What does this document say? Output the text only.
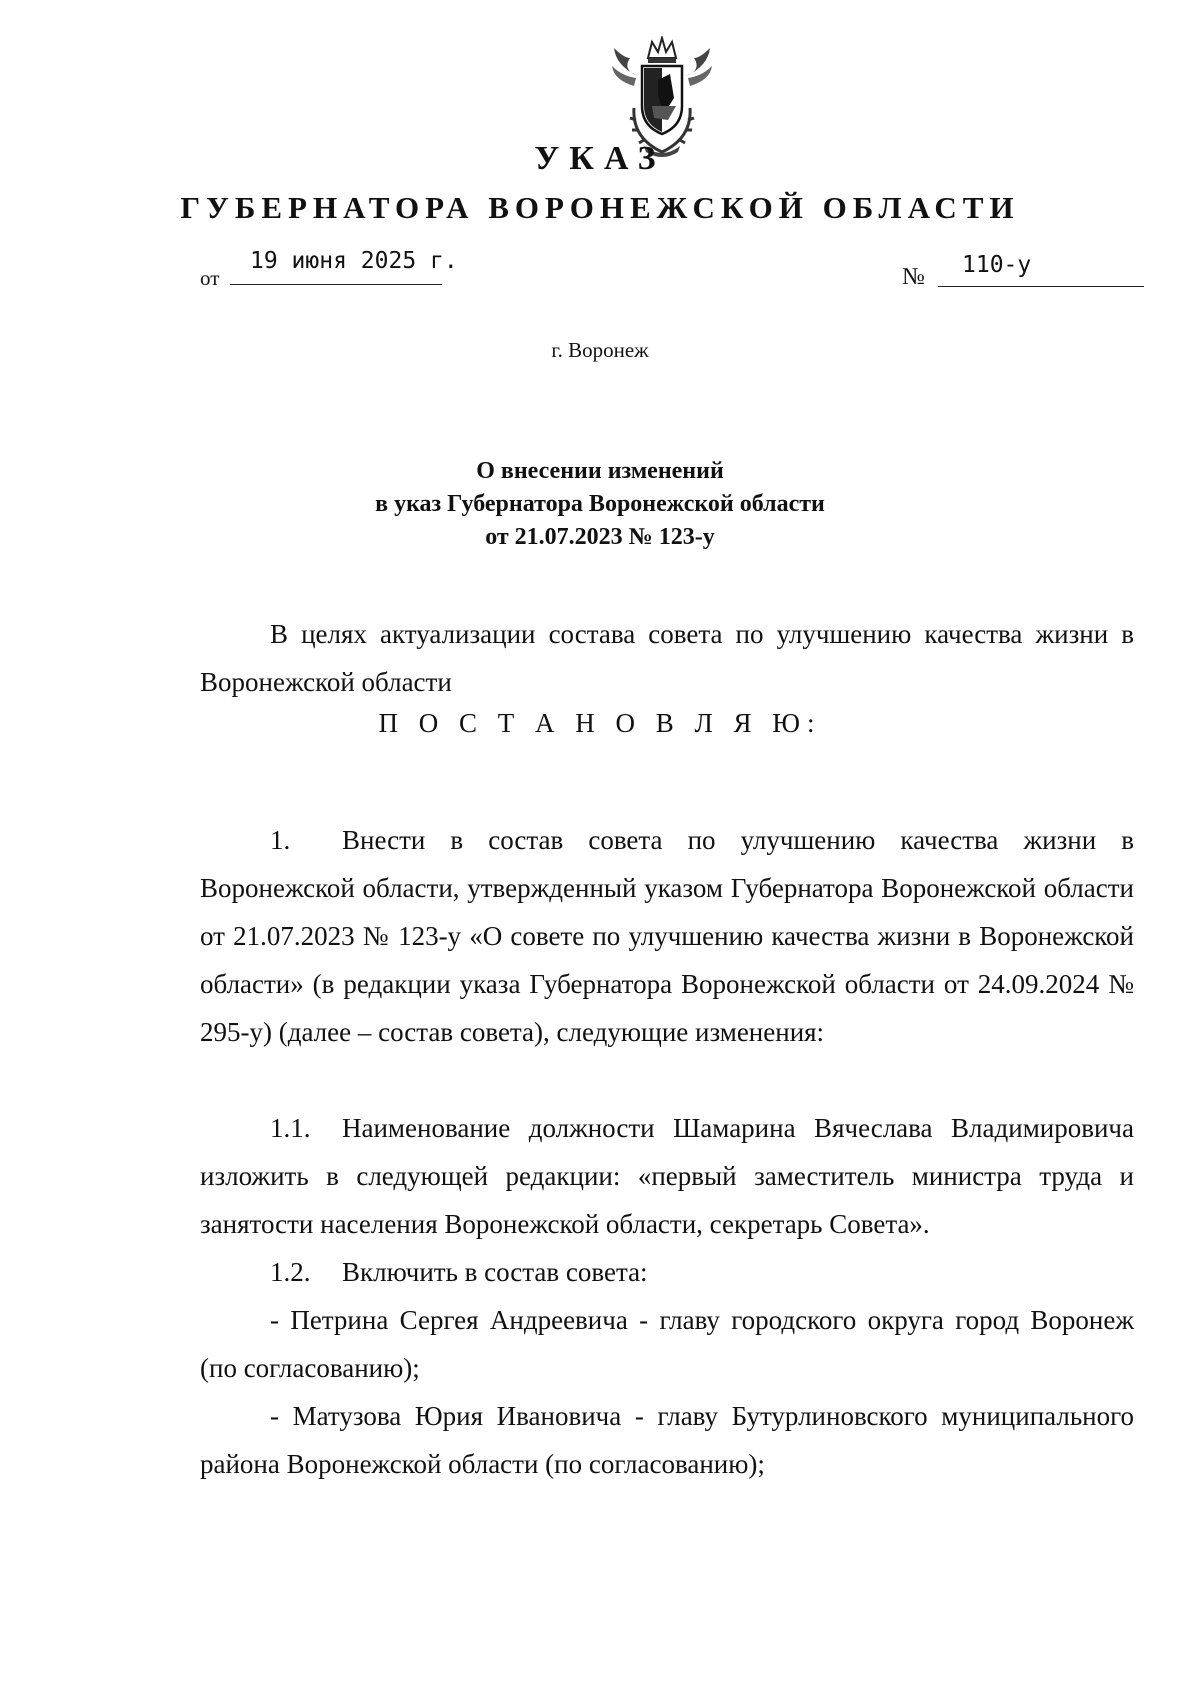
УКАЗ
ГУБЕРНАТОРА ВОРОНЕЖСКОЙ ОБЛАСТИ
от
19 июня 2025 г.
№ 110-у
г. Воронеж
О внесении изменений
в указ Губернатора Воронежской области
от 21.07.2023 № 123-у

В целях актуализации состава совета по улучшению качества жизни в Воронежской области

П О С Т А Н О В Л Я Ю:

1. Внести в состав совета по улучшению качества жизни в Воронежской области, утвержденный указом Губернатора Воронежской области от 21.07.2023 № 123-у «О совете по улучшению качества жизни в Воронежской области» (в редакции указа Губернатора Воронежской области от 24.09.2024 № 295-у) (далее – состав совета), следующие изменения:

1.1. Наименование должности Шамарина Вячеслава Владимировича изложить в следующей редакции: «первый заместитель министра труда и занятости населения Воронежской области, секретарь Совета».

1.2. Включить в состав совета:

- Петрина Сергея Андреевича - главу городского округа город Воронеж (по согласованию);

- Матузова Юрия Ивановича - главу Бутурлиновского муниципального района Воронежской области (по согласованию);
